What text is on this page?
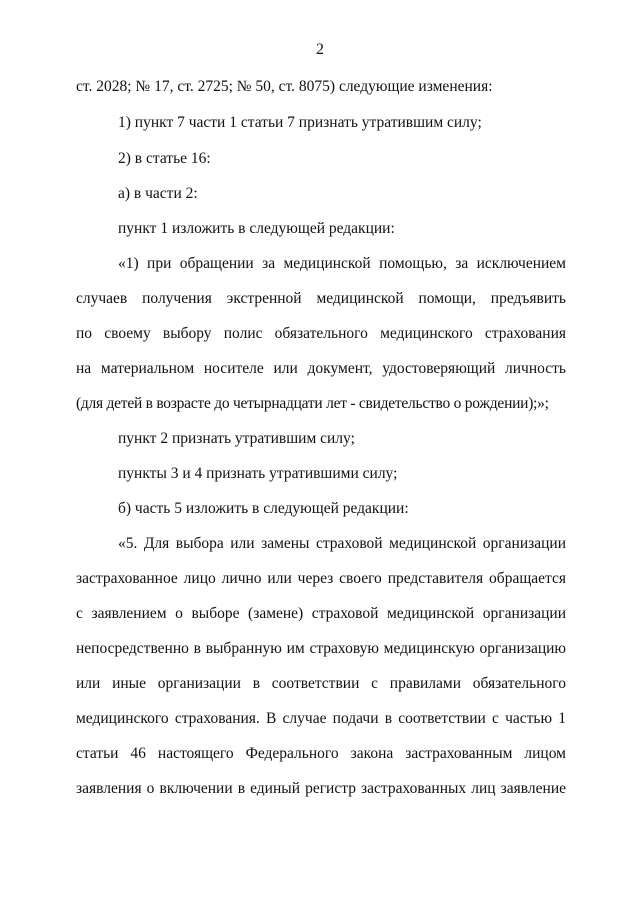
2
ст. 2028; № 17, ст. 2725; № 50, ст. 8075) следующие изменения:
1) пункт 7 части 1 статьи 7 признать утратившим силу;
2) в статье 16:
а) в части 2:
пункт 1 изложить в следующей редакции:
«1) при обращении за медицинской помощью, за исключением
случаев получения экстренной медицинской помощи, предъявить
по своему выбору полис обязательного медицинского страхования
на материальном носителе или документ, удостоверяющий личность
(для детей в возрасте до четырнадцати лет - свидетельство о рождении);»;
пункт 2 признать утратившим силу;
пункты 3 и 4 признать утратившими силу;
б) часть 5 изложить в следующей редакции:
«5. Для выбора или замены страховой медицинской организации
застрахованное лицо лично или через своего представителя обращается
с заявлением о выборе (замене) страховой медицинской организации
непосредственно в выбранную им страховую медицинскую организацию
или иные организации в соответствии с правилами обязательного
медицинского страхования. В случае подачи в соответствии с частью 1
статьи 46 настоящего Федерального закона застрахованным лицом
заявления о включении в единый регистр застрахованных лиц заявление
